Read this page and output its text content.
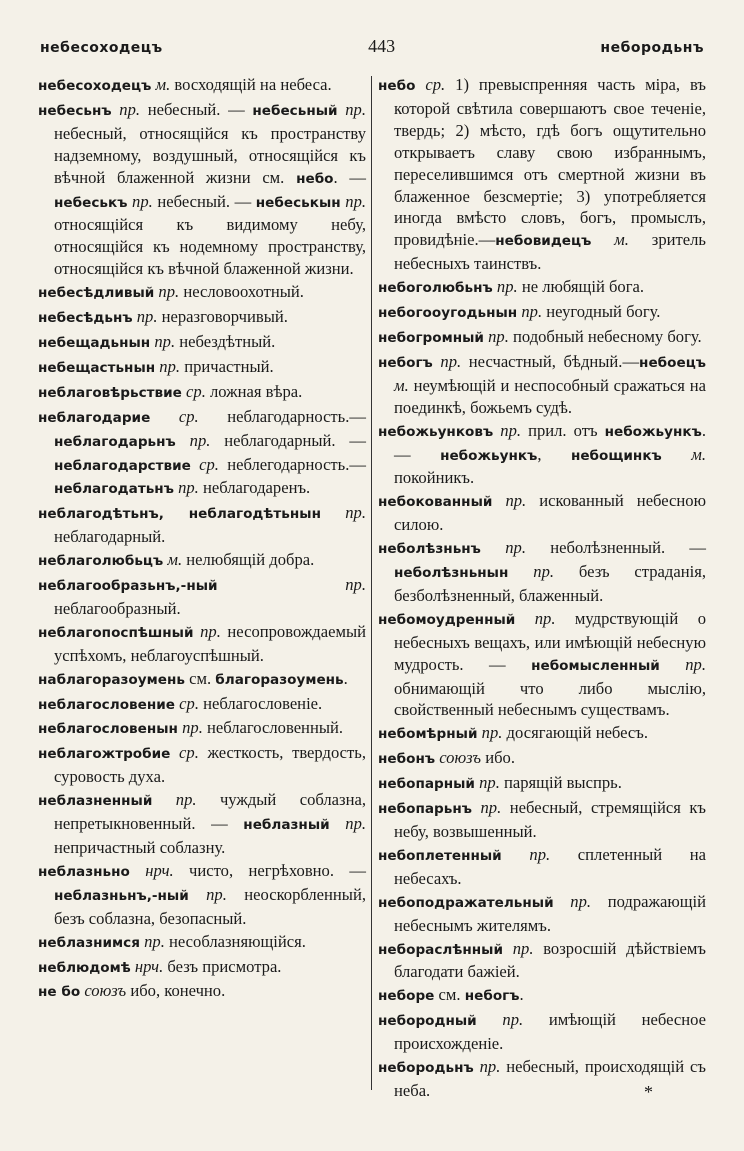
небесоходецъ	443	небородьнъ
небесоходецъ м. восходящій на небеса.
небесьнъ пр. небесный. — небесьный пр. небесный, относящійся къ пространству надземному, воздушный, относящійся къ вѣчной блаженной жизни см. небо. — небеськъ пр. небесный. — небеськын пр. относящійся къ видимому небу, относящійся къ нодемному пространству, относящійся къ вѣчной блаженной жизни.
небесѣдливый пр. несловоохотный.
небесѣдьнъ пр. неразговорчивый.
небещадьнын пр. небездѣтный.
небещастьнын пр. причастный.
неблаговѣрьствие ср. ложная вѣра.
неблагодарие ср. неблагодарность.— неблагодарьнъ пр. неблагодарный. — неблагодарствие ср. неблегодарность.—неблагодатьнъ пр. неблагодаренъ.
неблагодѣтьнъ, неблагодѣтьнын пр. неблагодарный.
неблаголюбьцъ м. нелюбящій добра.
неблагообразьнъ,-ный	пр. неблагообразный.
неблагопоспѣшный пр. несопровождаемый успѣхомъ, неблагоуспѣшный.
наблагоразоумень см. благоразоумень.
неблагословение ср. неблагословеніе.
неблагословенын пр. неблагословенный.
неблагожтробие ср. жесткость, твердость, суровость духа.
неблазненный пр. чуждый соблазна, непретыкновенный. — неблазный пр. непричастный соблазну.
неблазньно нрч. чисто, негрѣховно. —неблазньнъ,-ный пр. неоскорбленный, безъ соблазна, безопасный.
неблазнимся пр. несоблазняющійся.
неблюдомѣ нрч. безъ присмотра.
не бо союзъ ибо, конечно.
небо ср. 1) превыспренняя часть міра, въ которой свѣтила совершаютъ свое теченіе, твердь; 2) мѣсто, гдѣ богъ ощутительно открываетъ славу свою избраннымъ, переселившимся отъ смертной жизни въ блаженное безсмертіе; 3) употребляется иногда вмѣсто словъ, богъ, промыслъ, провидѣніе.—небовидецъ м. зритель небесныхъ таинствъ.
небоголюбьнъ пр. не любящій бога.
небогооугодьнын пр. неугодный богу.
небогромный пр. подобный небесному богу.
небогъ пр. несчастный, бѣдный.—небоецъ м. неумѣющій и неспособный сражаться на поединкѣ, божьемъ судѣ.
небожьунковъ пр. прил. отъ небожьункъ. — небожьункъ, небощинкъ м. покойникъ.
небокованный пр. искованный небесною силою.
неболѣзньнъ пр. неболѣзненный. — неболѣзньнын пр. безъ страданія, безболѣзненный, блаженный.
небомоудренный пр. мудрствующій о небесныхъ вещахъ, или имѣющій небесную мудрость. — небомысленный пр. обнимающій что либо мыслію, свойственный небеснымъ существамъ.
небомѣрный пр. досягающій небесъ.
небонъ союзъ ибо.
небопарный пр. парящій выспрь.
небопарьнъ пр. небесный, стремящійся къ небу, возвышенный.
небоплетенный пр. сплетенный на небесахъ.
небоподражательный пр. подражающій небеснымъ жителямъ.
небораслѣнный пр. возросшій дѣйствіемъ благодати бажіей.
неборе см. небогъ.
небородный пр. имѣющій небесное происхожденіе.
небородьнъ пр. небесный, происходящій съ неба.	*
